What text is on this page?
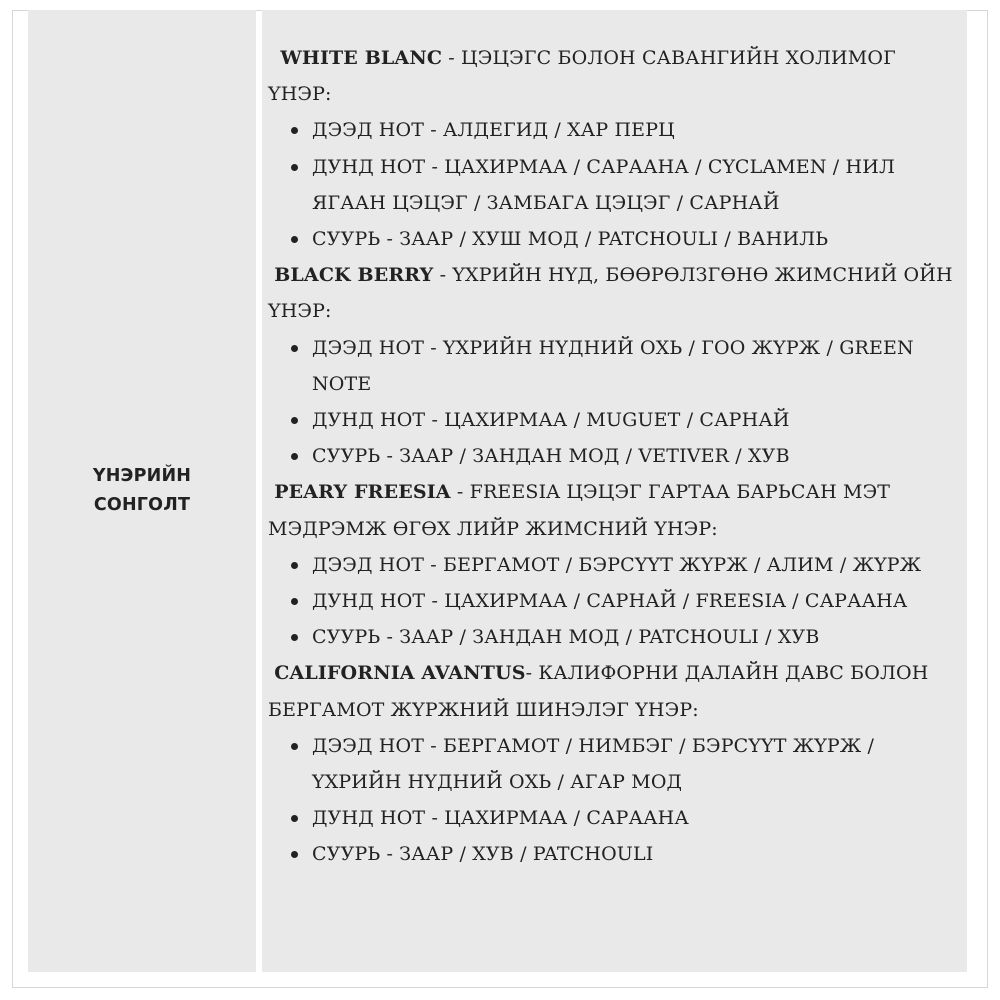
ҮНЭРИЙН
СОНГОЛТ

WHITE BLANC - ЦЭЦЭГС БОЛОН САВАНГИЙН ХОЛИМОГ ҮНЭР:

ДЭЭД НОТ - АЛДЕГИД / ХАР ПЕРЦ
ДУНД НОТ - ЦАХИРМАА / САРААНА / CYCLAMEN / НИЛ ЯГААН ЦЭЦЭГ / ЗАМБАГА ЦЭЦЭГ / САРНАЙ
СУУРЬ - ЗААР / ХУШ МОД / PATCHOULI / ВАНИЛЬ

BLACK BERRY - ҮХРИЙН НҮД, БӨӨРӨЛЗГӨНӨ ЖИМСНИЙ ОЙН ҮНЭР:

ДЭЭД НОТ - ҮХРИЙН НҮДНИЙ ОХЬ / ГОО ЖҮРЖ / GREEN NOTE
ДУНД НОТ - ЦАХИРМАА / MUGUET / САРНАЙ
СУУРЬ - ЗААР / ЗАНДАН МОД / VETIVER / ХУВ

PEARY FREESIA - FREESIA ЦЭЦЭГ ГАРТАА БАРЬСАН МЭТ МЭДРЭМЖ ӨГӨХ ЛИЙР ЖИМСНИЙ ҮНЭР:

ДЭЭД НОТ - БЕРГАМОТ / БЭРСҮҮТ ЖҮРЖ / АЛИМ / ЖҮРЖ
ДУНД НОТ - ЦАХИРМАА / САРНАЙ / FREESIA / САРААНА
СУУРЬ - ЗААР / ЗАНДАН МОД / PATCHOULI / ХУВ

CALIFORNIA AVANTUS- КАЛИФОРНИ ДАЛАЙН ДАВС БОЛОН БЕРГАМОТ ЖҮРЖНИЙ ШИНЭЛЭГ ҮНЭР:

ДЭЭД НОТ - БЕРГАМОТ / НИМБЭГ / БЭРСҮҮТ ЖҮРЖ / ҮХРИЙН НҮДНИЙ ОХЬ / АГАР МОД
ДУНД НОТ - ЦАХИРМАА / САРААНА
СУУРЬ - ЗААР / ХУВ / PATCHOULI
